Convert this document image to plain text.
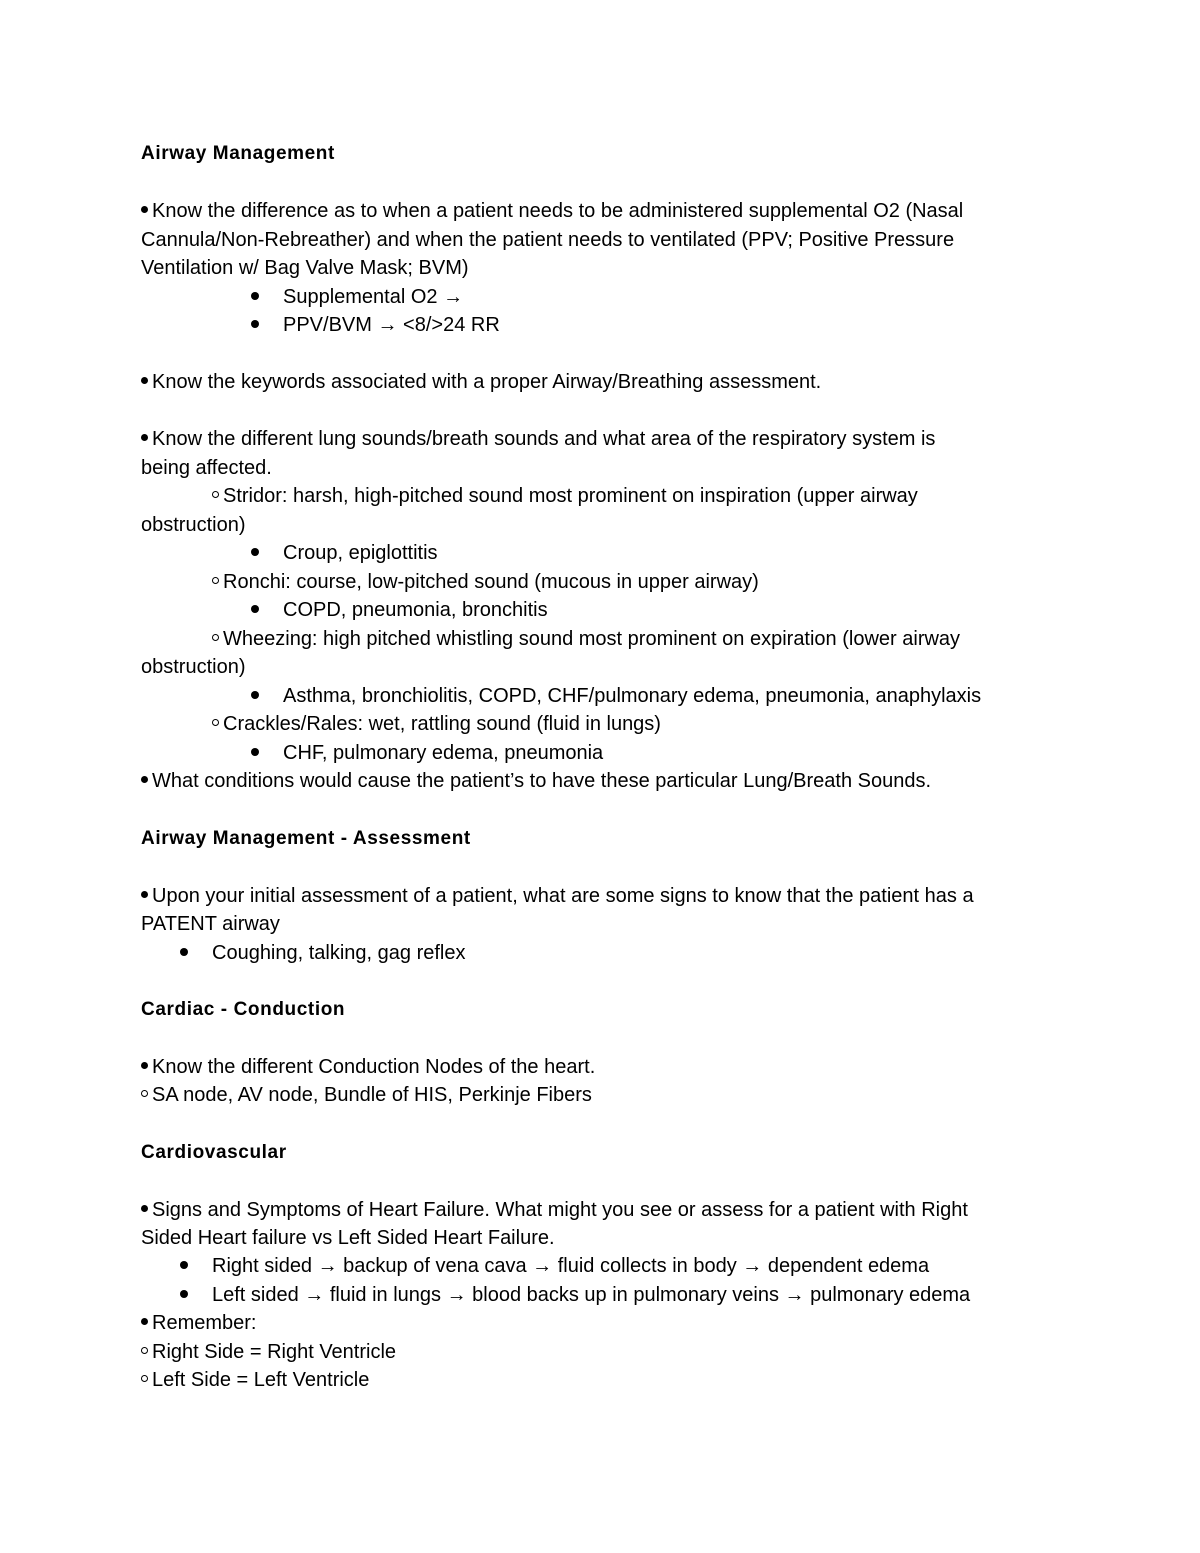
Airway Management
Know the difference as to when a patient needs to be administered supplemental O2 (Nasal
Cannula/Non-Rebreather) and when the patient needs to ventilated (PPV; Positive Pressure
Ventilation w/ Bag Valve Mask; BVM)
Supplemental O2 →
PPV/BVM → <8/>24 RR
Know the keywords associated with a proper Airway/Breathing assessment.
Know the different lung sounds/breath sounds and what area of the respiratory system is
being affected.
Stridor: harsh, high-pitched sound most prominent on inspiration (upper airway
obstruction)
Croup, epiglottitis
Ronchi: course, low-pitched sound (mucous in upper airway)
COPD, pneumonia, bronchitis
Wheezing: high pitched whistling sound most prominent on expiration (lower airway
obstruction)
Asthma, bronchiolitis, COPD, CHF/pulmonary edema, pneumonia, anaphylaxis
Crackles/Rales: wet, rattling sound (fluid in lungs)
CHF, pulmonary edema, pneumonia
What conditions would cause the patient’s to have these particular Lung/Breath Sounds.
Airway Management - Assessment
Upon your initial assessment of a patient, what are some signs to know that the patient has a
PATENT airway
Coughing, talking, gag reflex
Cardiac - Conduction
Know the different Conduction Nodes of the heart.
SA node, AV node, Bundle of HIS, Perkinje Fibers
Cardiovascular
Signs and Symptoms of Heart Failure. What might you see or assess for a patient with Right
Sided Heart failure vs Left Sided Heart Failure.
Right sided → backup of vena cava → fluid collects in body → dependent edema
Left sided → fluid in lungs → blood backs up in pulmonary veins → pulmonary edema
Remember:
Right Side = Right Ventricle
Left Side = Left Ventricle
